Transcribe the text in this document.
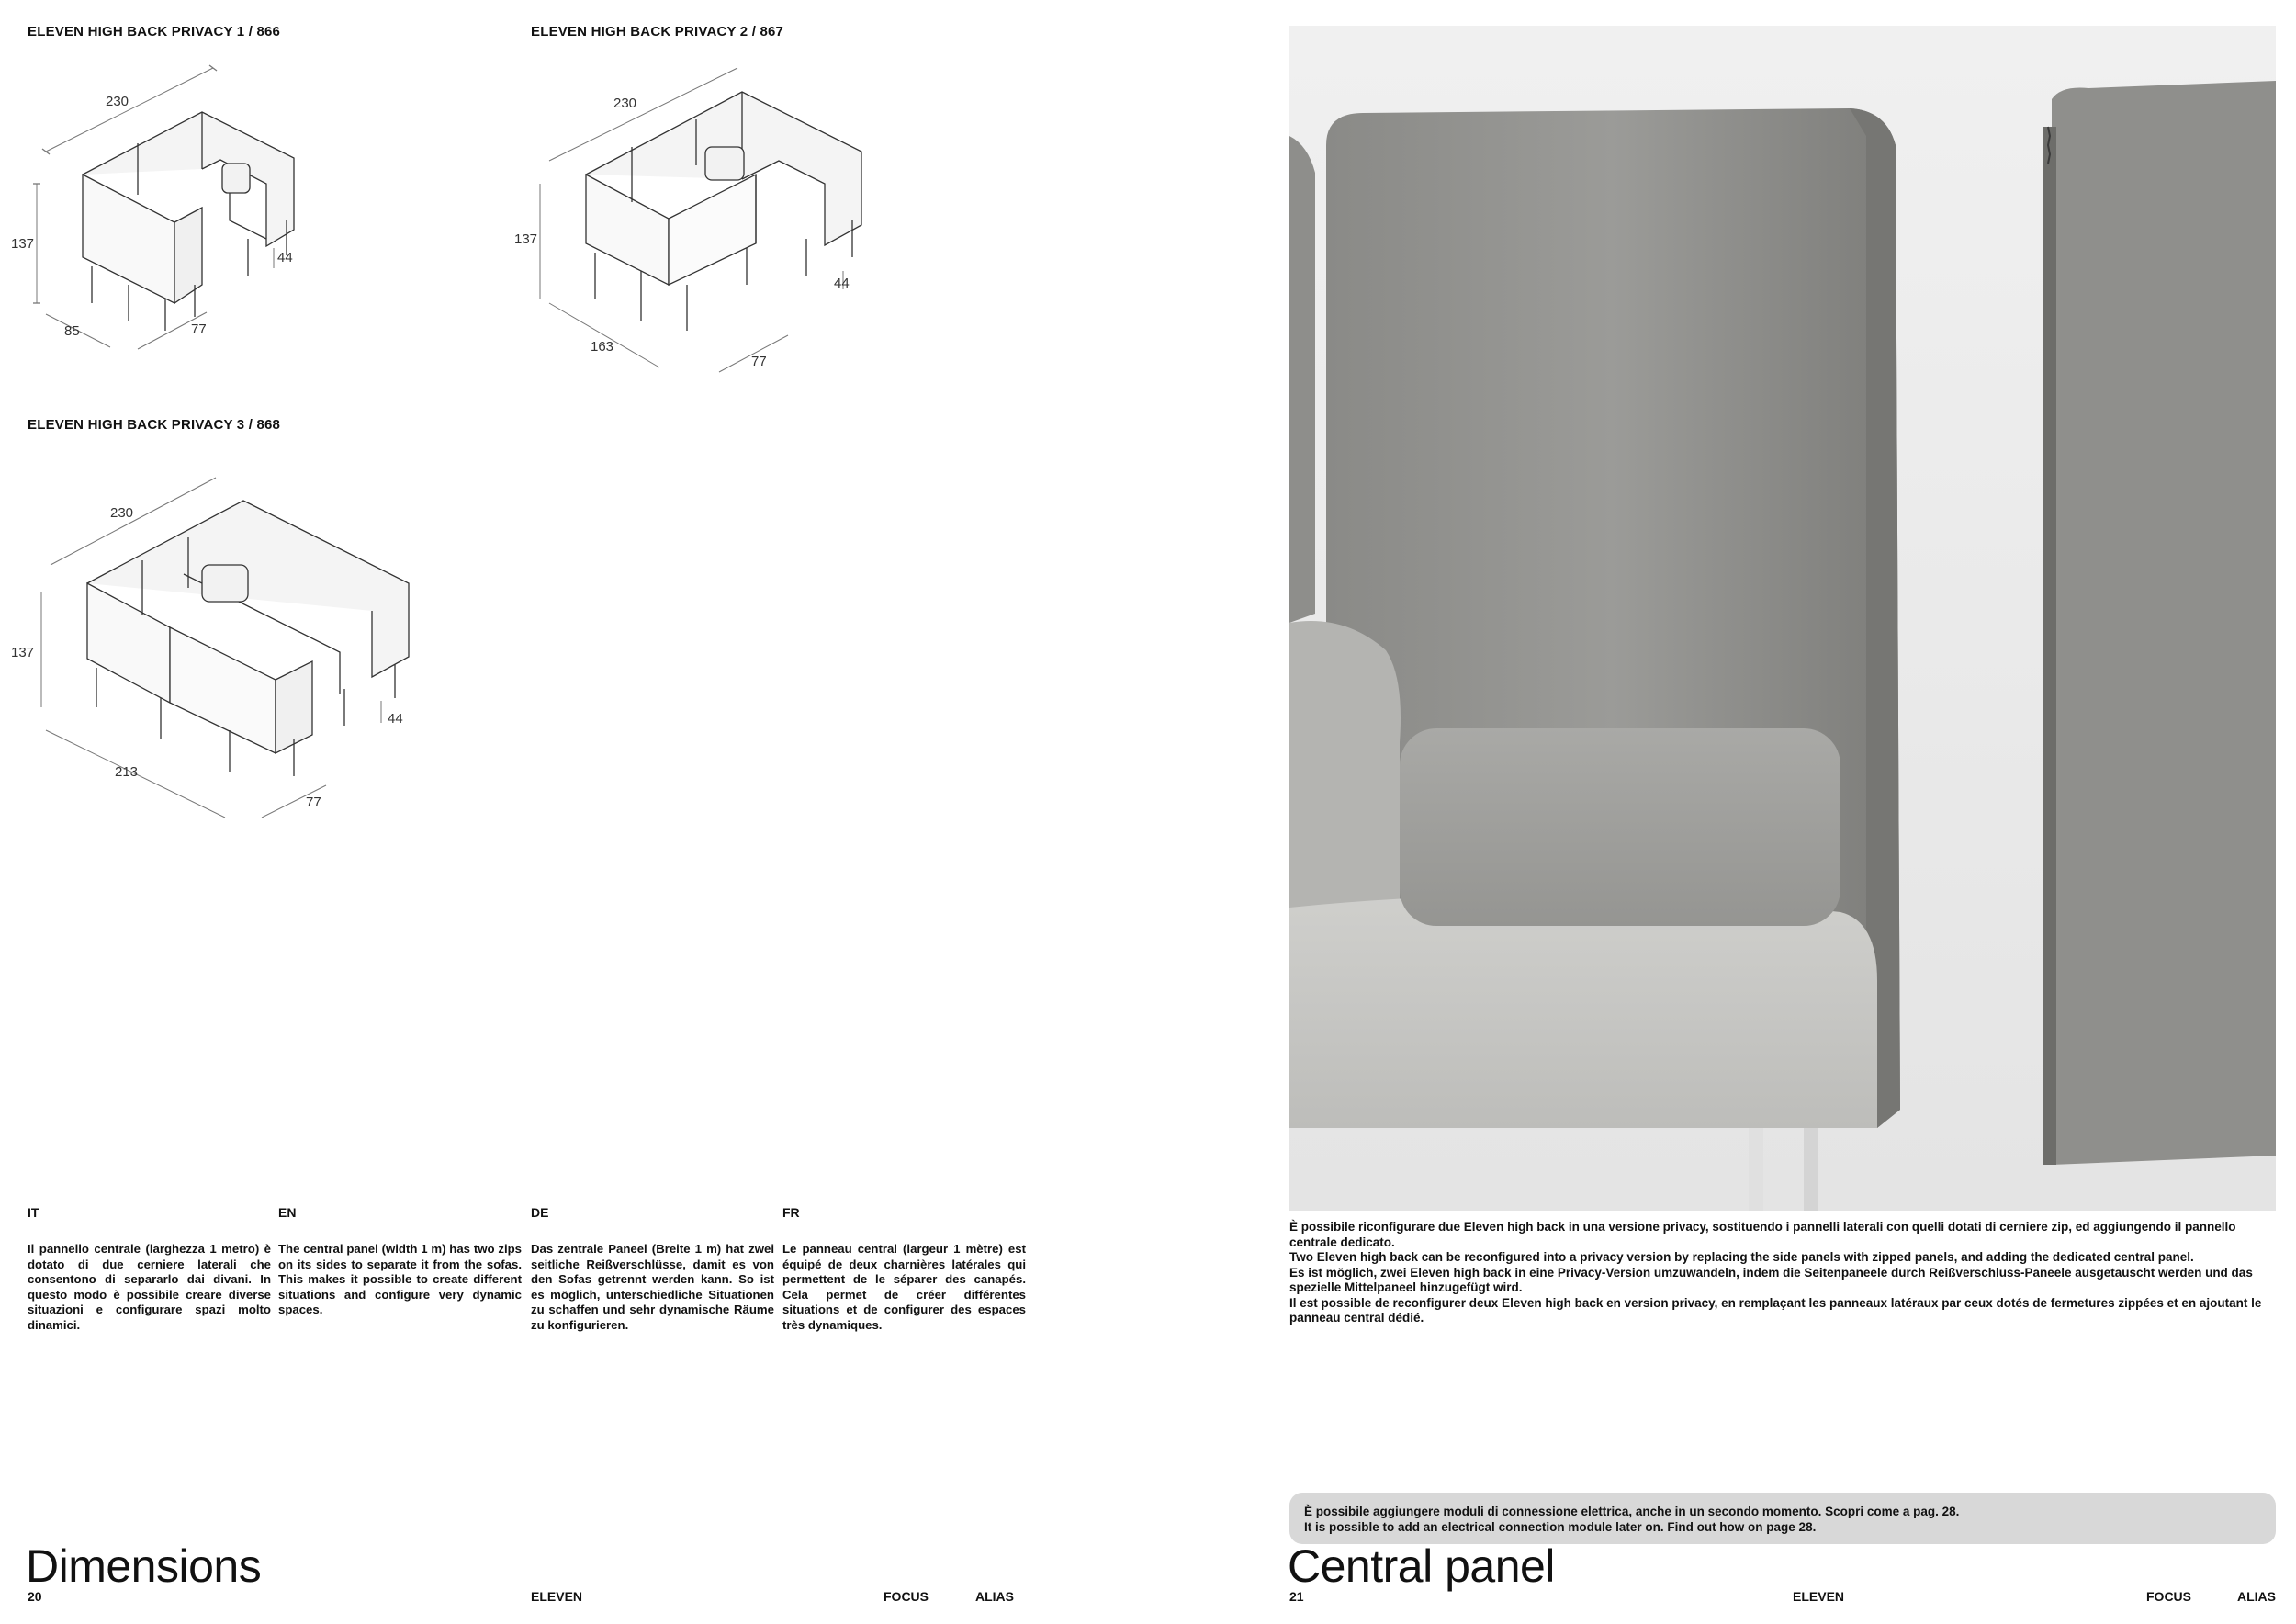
ELEVEN HIGH BACK PRIVACY 1 / 866
230
137
85	77
44
ELEVEN HIGH BACK PRIVACY 2 / 867
230
137
163
77
44
ELEVEN HIGH BACK PRIVACY 3 / 868
230
137
213
77
44
IT
Il pannello centrale (larghezza 1 metro) è dotato di due cerniere laterali che consentono di separarlo dai divani. In questo modo è possibile creare diverse situazioni e configurare spazi molto dinamici.
EN
The central panel (width 1 m) has two zips on its sides to separate it from the sofas. This makes it possible to create different situations and configure very dynamic spaces.
DE
Das zentrale Paneel (Breite 1 m) hat zwei seitliche Reißverschlüsse, damit es von den Sofas getrennt werden kann. So ist es möglich, unterschiedliche Situationen zu schaffen und sehr dynamische Räume zu konfigurieren.
FR
Le panneau central (largeur 1 mètre) est équipé de deux charnières latérales qui permettent de le séparer des canapés. Cela permet de créer différentes situations et de configurer des espaces très dynamiques.
Dimensions
20	ELEVEN	FOCUS	ALIAS
È possibile riconfigurare due Eleven high back in una versione privacy, sostituendo i pannelli laterali con quelli dotati di cerniere zip, ed aggiungendo il pannello centrale dedicato.
Two Eleven high back can be reconfigured into a privacy version by replacing the side panels with zipped panels, and adding the dedicated central panel.
Es ist möglich, zwei Eleven high back in eine Privacy-Version umzuwandeln, indem die Seitenpaneele durch Reißverschluss-Paneele ausgetauscht werden und das spezielle Mittelpaneel hinzugefügt wird.
Il est possible de reconfigurer deux Eleven high back en version privacy, en remplaçant les panneaux latéraux par ceux dotés de fermetures zippées et en ajoutant le panneau central dédié.
È possibile aggiungere moduli di connessione elettrica, anche in un secondo momento. Scopri come a pag. 28.
It is possible to add an electrical connection module later on. Find out how on page 28.
Central panel
21	ELEVEN	FOCUS	ALIAS
